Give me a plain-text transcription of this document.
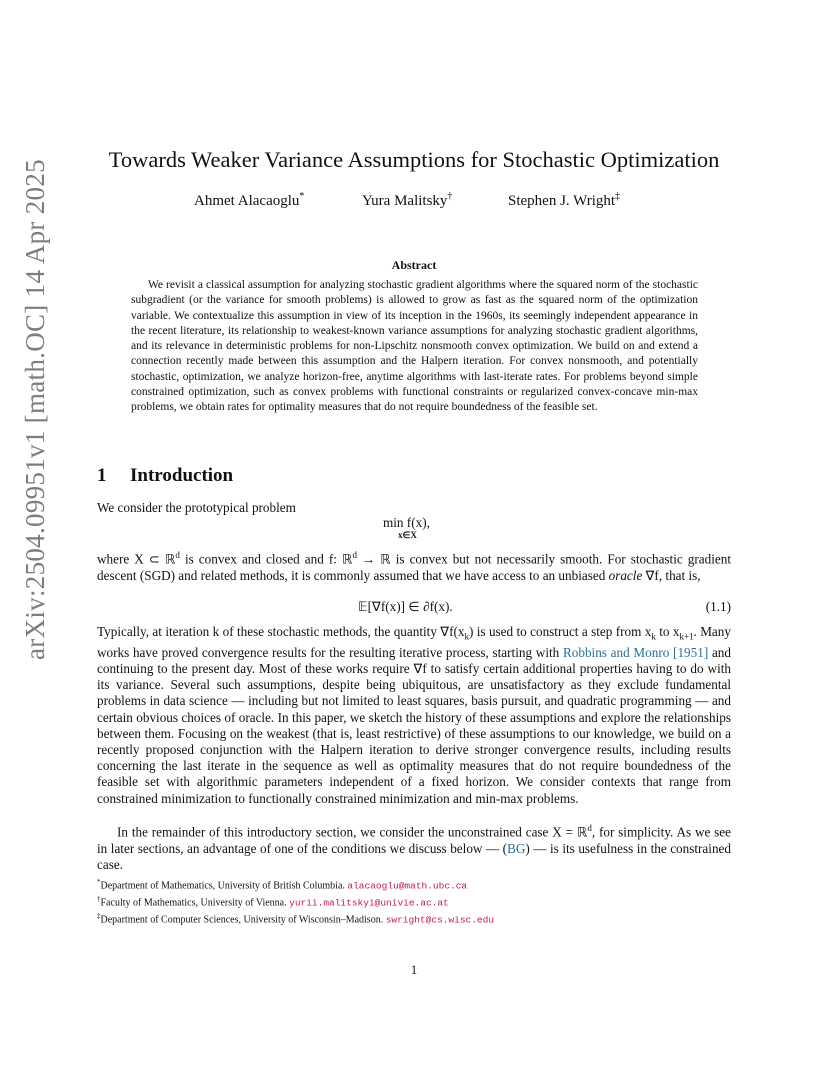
arXiv:2504.09951v1 [math.OC] 14 Apr 2025	Towards Weaker Variance Assumptions for Stochastic Optimization
Ahmet Alacaoglu*	Yura Malitsky†	Stephen J. Wright‡
Abstract
We revisit a classical assumption for analyzing stochastic gradient algorithms where the squared norm of the stochastic subgradient (or the variance for smooth problems) is allowed to grow as fast as the squared norm of the optimization variable. We contextualize this assumption in view of its inception in the 1960s, its seemingly independent appearance in the recent literature, its relationship to weakest-known variance assumptions for analyzing stochastic gradient algorithms, and its relevance in deterministic problems for non-Lipschitz nonsmooth convex optimization. We build on and extend a connection recently made between this assumption and the Halpern iteration. For convex nonsmooth, and potentially stochastic, optimization, we analyze horizon-free, anytime algorithms with last-iterate rates. For problems beyond simple constrained optimization, such as convex problems with functional constraints or regularized convex-concave min-max problems, we obtain rates for optimality measures that do not require boundedness of the feasible set.
1 Introduction
We consider the prototypical problem
min f(x),
x∈X
where X ⊂ ℝ$^d$ is convex and closed and f: ℝ$^d$ → ℝ is convex but not necessarily smooth. For stochastic gradient descent (SGD) and related methods, it is commonly assumed that we have access to an unbiased oracle ∇f, that is,
𝔼[∇f(x)] ∈ ∂f(x).	(1.1)
Typically, at iteration k of these stochastic methods, the quantity $\nabla f(x_k)$ is used to construct a step from $x_k$ to $x_{k+1}$. Many works have proved convergence results for the resulting iterative process, starting with Robbins and Monro [1951] and continuing to the present day. Most of these works require ∇f to satisfy certain additional properties having to do with its variance. Several such assumptions, despite being ubiquitous, are unsatisfactory as they exclude fundamental problems in data science — including but not limited to least squares, basis pursuit, and quadratic programming — and certain obvious choices of oracle. In this paper, we sketch the history of these assumptions and explore the relationships between them. Focusing on the weakest (that is, least restrictive) of these assumptions to our knowledge, we build on a recently proposed conjunction with the Halpern iteration to derive stronger convergence results, including results concerning the last iterate in the sequence as well as optimality measures that do not require boundedness of the feasible set with algorithmic parameters independent of a fixed horizon. We consider contexts that range from constrained minimization to functionally constrained minimization and min-max problems.
In the remainder of this introductory section, we consider the unconstrained case X = ℝ$^d$, for simplicity. As we see in later sections, an advantage of one of the conditions we discuss below — (BG) — is its usefulness in the constrained case.
*Department of Mathematics, University of British Columbia. alacaoglu@math.ubc.ca
†Faculty of Mathematics, University of Vienna. yurii.malitskyi@univie.ac.at
‡Department of Computer Sciences, University of Wisconsin–Madison. swright@cs.wisc.edu
1
